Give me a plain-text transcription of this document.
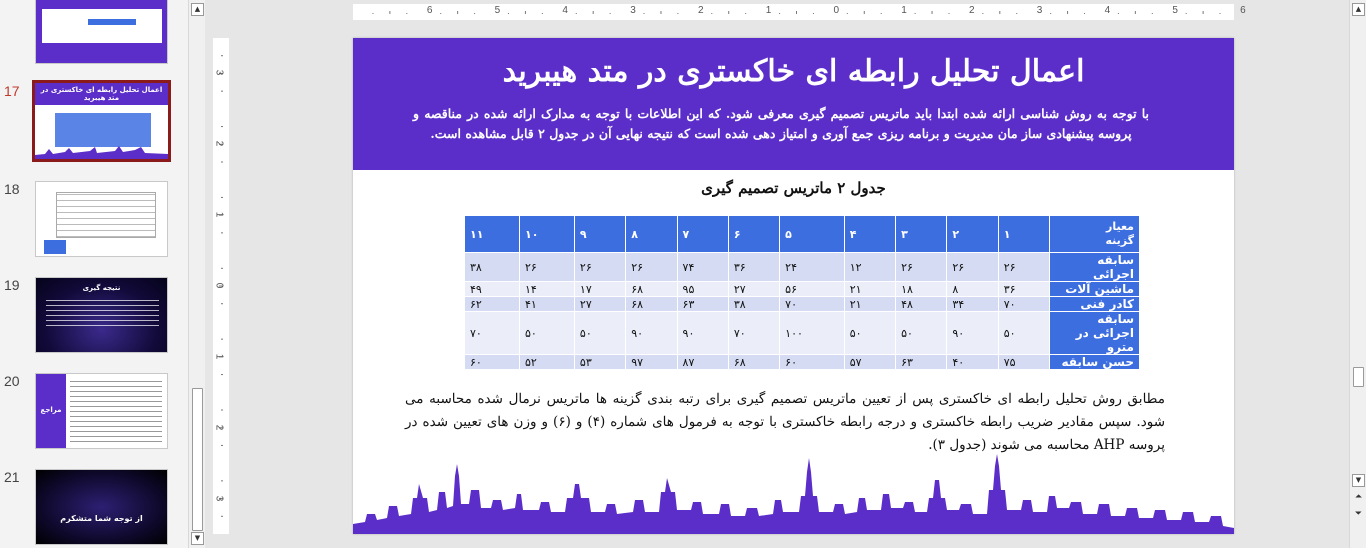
17	اعمال تحلیل رابطه ای خاکستری در متد هیبرید
18
19	نتیجه گیری
20
مراجع
21
از توجه شما متشکرم
▲
▼
6	5	4	3	2	1	0	1	2	3	4	5	6
3
2
1
0
1
2
3
اعمال تحلیل رابطه ای خاکستری در متد هیبرید
با توجه به روش شناسی ارائه شده ابتدا باید ماتریس تصمیم گیری معرفی شود. که این اطلاعات با توجه به مدارک ارائه شده در مناقصه و پروسه پیشنهادی ساز مان مدیریت و برنامه ریزی جمع آوری و امتیاز دهی شده است که نتیجه نهایی آن در جدول ۲ قابل مشاهده است.
جدول ۲ ماتریس تصمیم گیری
معیار
گزینه	۱	۲	۳	۴	۵	۶	۷	۸	۹	۱۰	۱۱
سابقه اجرائی	۲۶	۲۶	۲۶	۱۲	۲۴	۳۶	۷۴	۲۶	۲۶	۲۶	۳۸
ماشین آلات	۳۶	۸	۱۸	۲۱	۵۶	۲۷	۹۵	۶۸	۱۷	۱۴	۴۹
کادر فنی	۷۰	۳۴	۴۸	۲۱	۷۰	۳۸	۶۳	۶۸	۲۷	۴۱	۶۲
سابقه اجرائی در مترو	۵۰	۹۰	۵۰	۵۰	۱۰۰	۷۰	۹۰	۹۰	۵۰	۵۰	۷۰
حسن سابقه	۷۵	۴۰	۶۳	۵۷	۶۰	۶۸	۸۷	۹۷	۵۳	۵۲	۶۰
مطابق روش تحلیل رابطه ای خاکستری پس از تعیین ماتریس تصمیم گیری برای رتبه بندی گزینه ها ماتریس نرمال شده محاسبه می شود. سپس مقادیر ضریب رابطه خاکستری و درجه رابطه خاکستری با توجه به فرمول های شماره (۴) و (۶) و وزن های تعیین شده در پروسه AHP محاسبه می شوند (جدول ۳).
▲
▼
⏶
⏷
